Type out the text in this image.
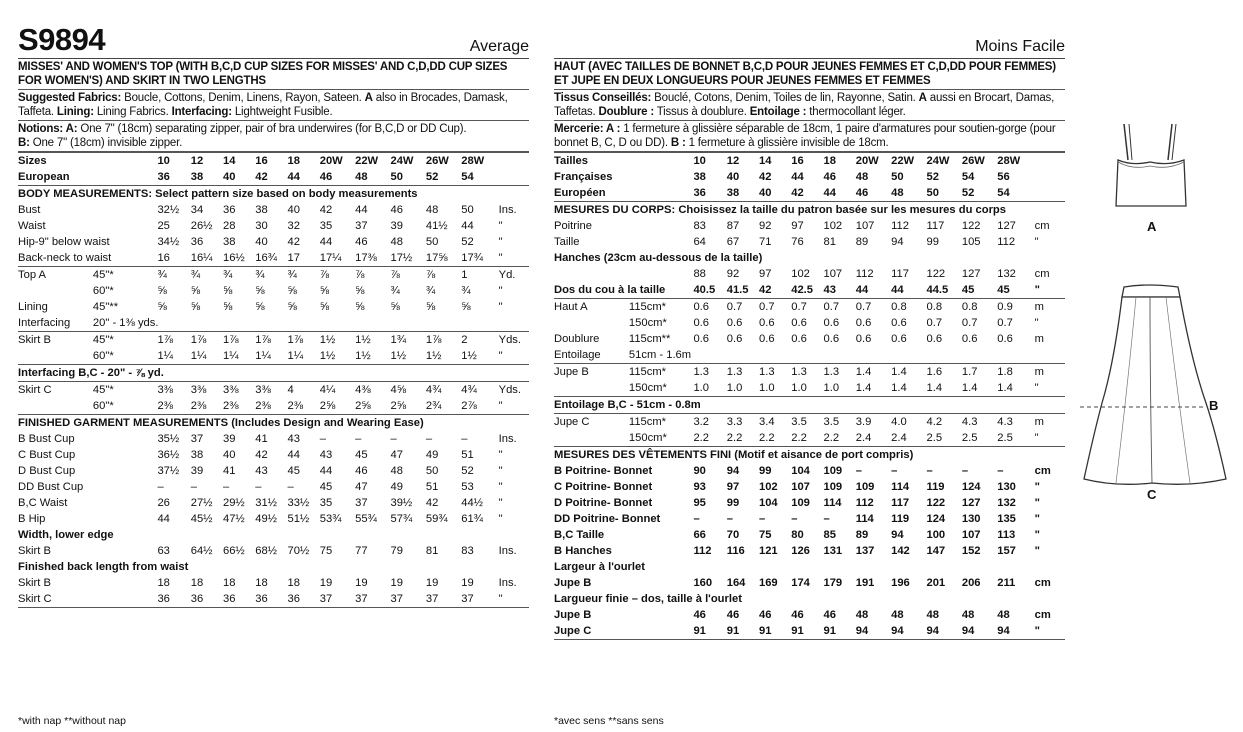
S9894	Average
MISSES' AND WOMEN'S TOP (WITH B,C,D CUP SIZES FOR MISSES' AND C,D,DD CUP SIZES FOR WOMEN'S) AND SKIRT IN TWO LENGTHS
Suggested Fabrics: Boucle, Cottons, Denim, Linens, Rayon, Sateen. A also in Brocades, Damask, Taffeta. Lining: Lining Fabrics. Interfacing: Lightweight Fusible.
Notions: A: One 7" (18cm) separating zipper, pair of bra underwires (for B,C,D or DD Cup).
B: One 7" (18cm) invisible zipper.
Sizes		10	12	14	16	18	20W	22W	24W	26W	28W	
European		36	38	40	42	44	46	48	50	52	54	
BODY MEASUREMENTS: Select pattern size based on body measurements												
Bust		32½	34	36	38	40	42	44	46	48	50	Ins.
Waist		25	26½	28	30	32	35	37	39	41½	44	"
Hip-9" below waist		34½	36	38	40	42	44	46	48	50	52	"
Back-neck to waist		16	16¼	16½	16¾	17	17¼	17⅜	17½	17⅝	17¾	"
Top A	45"*	¾	¾	¾	¾	¾	⅞	⅞	⅞	⅞	1	Yd.
	60"*	⅝	⅝	⅝	⅝	⅝	⅝	⅝	¾	¾	¾	"
Lining	45"**	⅝	⅝	⅝	⅝	⅝	⅝	⅝	⅝	⅝	⅝	"
Interfacing	20" - 1⅜ yds.											
Skirt B	45"*	1⅞	1⅞	1⅞	1⅞	1⅞	1½	1½	1¾	1⅞	2	Yds.
	60"*	1¼	1¼	1¼	1¼	1¼	1½	1½	1½	1½	1½	"
Interfacing B,C - 20" - ⅞ yd.												
Skirt C	45"*	3⅜	3⅜	3⅜	3⅜	4	4¼	4⅜	4⅝	4¾	4¾	Yds.
	60"*	2⅜	2⅜	2⅜	2⅜	2⅜	2⅝	2⅝	2⅝	2¾	2⅞	"
FINISHED GARMENT MEASUREMENTS (Includes Design and Wearing Ease)												
B Bust Cup		35½	37	39	41	43	–	–	–	–	–	Ins.
C Bust Cup		36½	38	40	42	44	43	45	47	49	51	"
D Bust Cup		37½	39	41	43	45	44	46	48	50	52	"
DD Bust Cup		–	–	–	–	–	45	47	49	51	53	"
B,C Waist		26	27½	29½	31½	33½	35	37	39½	42	44½	"
B Hip		44	45½	47½	49½	51½	53¾	55¾	57¾	59¾	61¾	"
Width, lower edge												
Skirt B		63	64½	66½	68½	70½	75	77	79	81	83	Ins.
Finished back length from waist												
Skirt B		18	18	18	18	18	19	19	19	19	19	Ins.
Skirt C		36	36	36	36	36	37	37	37	37	37	"
Moins Facile
HAUT (AVEC TAILLES DE BONNET B,C,D POUR JEUNES FEMMES ET C,D,DD POUR FEMMES) ET JUPE EN DEUX LONGUEURS POUR JEUNES FEMMES ET FEMMES
Tissus Conseillés: Bouclé, Cotons, Denim, Toiles de lin, Rayonne, Satin. A aussi en Brocart, Damas, Taffetas. Doublure : Tissus à doublure. Entoilage : thermocollant léger.
Mercerie: A : 1 fermeture à glissière séparable de 18cm, 1 paire d'armatures pour soutien-gorge (pour bonnet B, C, D ou DD). B : 1 fermeture à glissière invisible de 18cm.
Tailles		10	12	14	16	18	20W	22W	24W	26W	28W	
Françaises		38	40	42	44	46	48	50	52	54	56	
Européen		36	38	40	42	44	46	48	50	52	54	
MESURES DU CORPS: Choisissez la taille du patron basée sur les mesures du corps												
Poitrine		83	87	92	97	102	107	112	117	122	127	cm
Taille		64	67	71	76	81	89	94	99	105	112	"
Hanches (23cm au-dessous de la taille)												
		88	92	97	102	107	112	117	122	127	132	cm
Dos du cou à la taille		40.5	41.5	42	42.5	43	44	44	44.5	45	45	"
Haut A	115cm*	0.6	0.7	0.7	0.7	0.7	0.7	0.8	0.8	0.8	0.9	m
	150cm*	0.6	0.6	0.6	0.6	0.6	0.6	0.6	0.7	0.7	0.7	"
Doublure	115cm**	0.6	0.6	0.6	0.6	0.6	0.6	0.6	0.6	0.6	0.6	m
Entoilage	51cm - 1.6m											
Jupe B	115cm*	1.3	1.3	1.3	1.3	1.3	1.4	1.4	1.6	1.7	1.8	m
	150cm*	1.0	1.0	1.0	1.0	1.0	1.4	1.4	1.4	1.4	1.4	"
Entoilage B,C - 51cm - 0.8m												
Jupe C	115cm*	3.2	3.3	3.4	3.5	3.5	3.9	4.0	4.2	4.3	4.3	m
	150cm*	2.2	2.2	2.2	2.2	2.2	2.4	2.4	2.5	2.5	2.5	"
MESURES DES VÊTEMENTS FINI (Motif et aisance de port compris)												
B Poitrine- Bonnet		90	94	99	104	109	–	–	–	–	–	cm
C Poitrine- Bonnet		93	97	102	107	109	109	114	119	124	130	"
D Poitrine- Bonnet		95	99	104	109	114	112	117	122	127	132	"
DD Poitrine- Bonnet		–	–	–	–	–	114	119	124	130	135	"
B,C Taille		66	70	75	80	85	89	94	100	107	113	"
B Hanches		112	116	121	126	131	137	142	147	152	157	"
Largeur à l'ourlet												
Jupe B		160	164	169	174	179	191	196	201	206	211	cm
Largueur finie – dos, taille à l'ourlet												
Jupe B		46	46	46	46	46	48	48	48	48	48	cm
Jupe C		91	91	91	91	91	94	94	94	94	94	"
*with nap **without nap	*avec sens **sans sens
A
B
C
